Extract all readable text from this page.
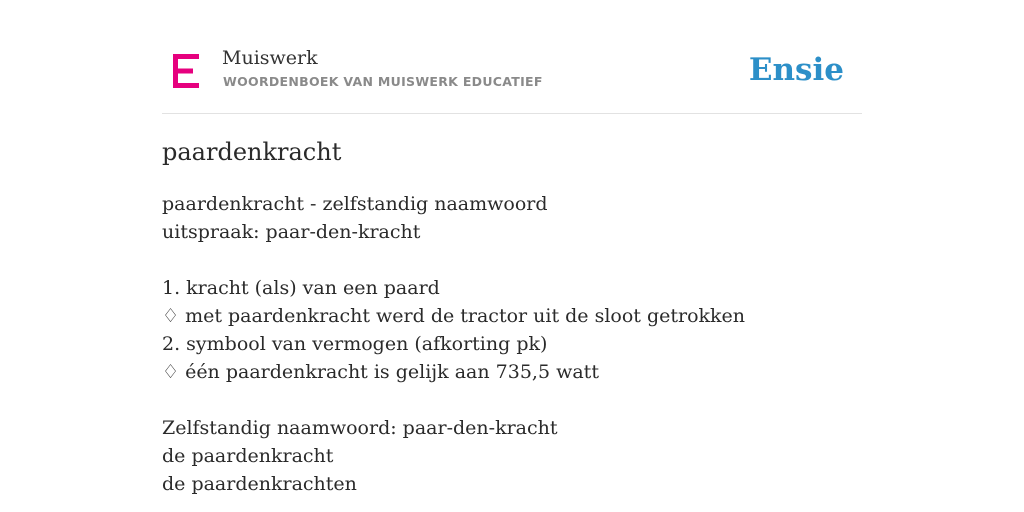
Muiswerk
WOORDENBOEK VAN MUISWERK EDUCATIEF	Ensie
paardenkracht
paardenkracht - zelfstandig naamwoord
uitspraak: paar-den-kracht
1. kracht (als) van een paard
♢ met paardenkracht werd de tractor uit de sloot getrokken
2. symbool van vermogen (afkorting pk)
♢ één paardenkracht is gelijk aan 735,5 watt
Zelfstandig naamwoord: paar-den-kracht
de paardenkracht
de paardenkrachten
